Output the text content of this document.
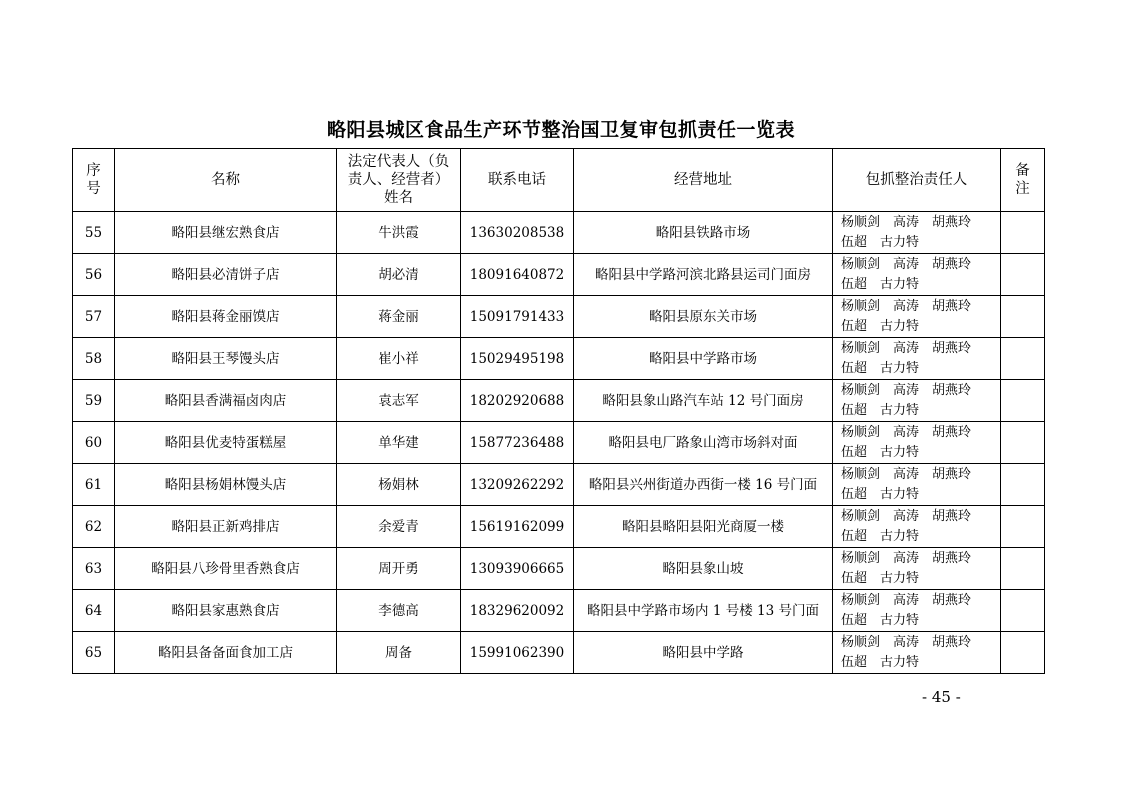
略阳县城区食品生产环节整治国卫复审包抓责任一览表
序号	名称	法定代表人（负责人、经营者）姓名	联系电话	经营地址	包抓整治责任人	备注
55	略阳县继宏熟食店	牛洪霞	13630208538	略阳县铁路市场	杨顺剑　高涛　胡燕玲
伍超　古力特	

56	略阳县必清饼子店	胡必清	18091640872	略阳县中学路河滨北路县运司门面房	杨顺剑　高涛　胡燕玲
伍超　古力特	

57	略阳县蒋金丽馍店	蒋金丽	15091791433	略阳县原东关市场	杨顺剑　高涛　胡燕玲
伍超　古力特	

58	略阳县王琴馒头店	崔小祥	15029495198	略阳县中学路市场	杨顺剑　高涛　胡燕玲
伍超　古力特	

59	略阳县香满福卤肉店	袁志军	18202920688	略阳县象山路汽车站 12 号门面房	杨顺剑　高涛　胡燕玲
伍超　古力特	

60	略阳县优麦特蛋糕屋	单华建	15877236488	略阳县电厂路象山湾市场斜对面	杨顺剑　高涛　胡燕玲
伍超　古力特	

61	略阳县杨娟林馒头店	杨娟林	13209262292	略阳县兴州街道办西街一楼 16 号门面	杨顺剑　高涛　胡燕玲
伍超　古力特	

62	略阳县正新鸡排店	余爱青	15619162099	略阳县略阳县阳光商厦一楼	杨顺剑　高涛　胡燕玲
伍超　古力特	

63	略阳县八珍骨里香熟食店	周开勇	13093906665	略阳县象山坡	杨顺剑　高涛　胡燕玲
伍超　古力特	

64	略阳县家惠熟食店	李德高	18329620092	略阳县中学路市场内 1 号楼 13 号门面	杨顺剑　高涛　胡燕玲
伍超　古力特	

65	略阳县备备面食加工店	周备	15991062390	略阳县中学路	杨顺剑　高涛　胡燕玲
伍超　古力特	

- 45 -
